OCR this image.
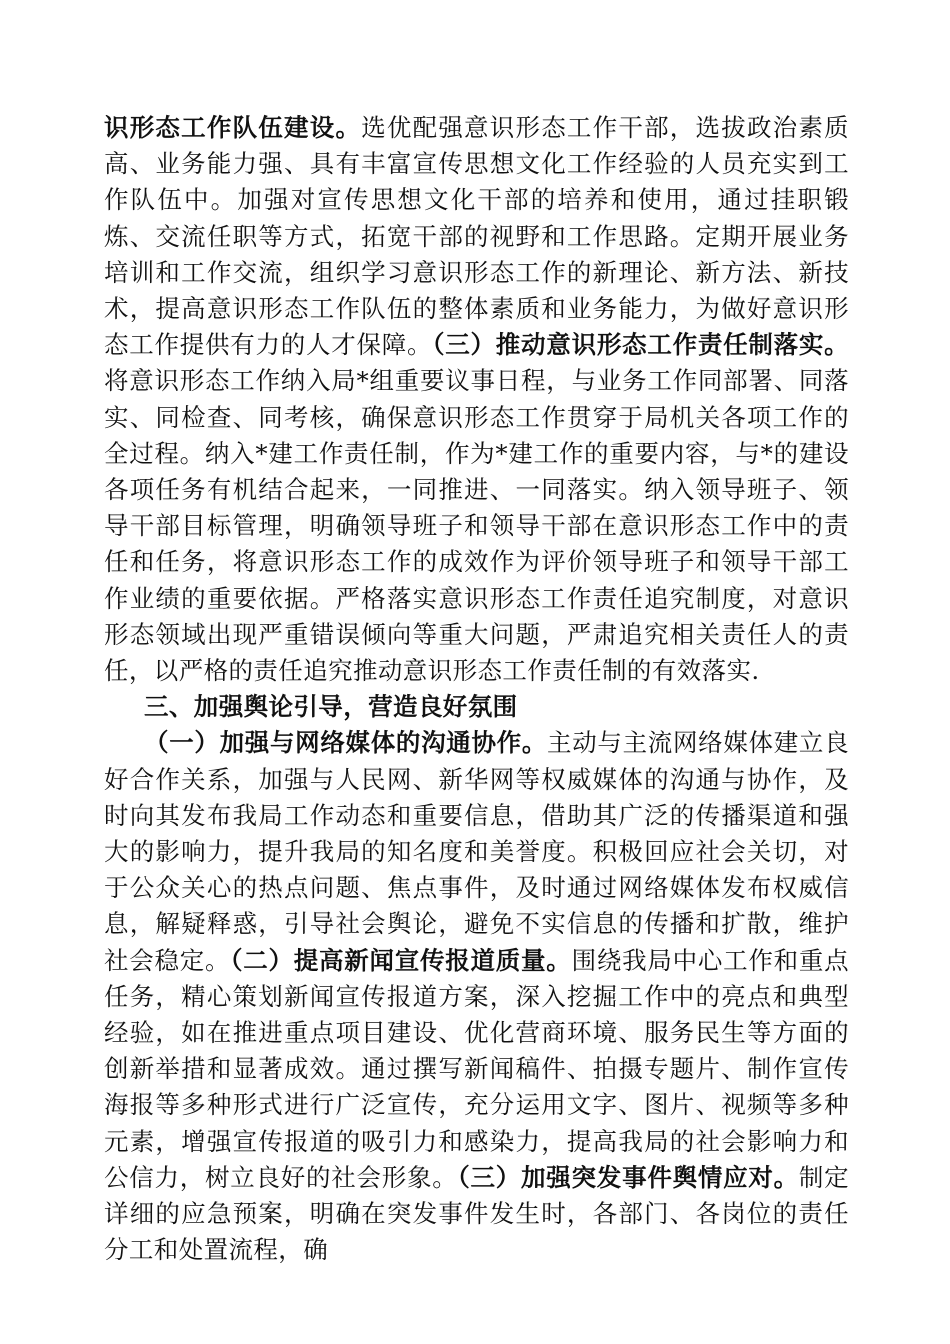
识形态工作队伍建设。选优配强意识形态工作干部，选拔政治素质高、业务能力强、具有丰富宣传思想文化工作经验的人员充实到工作队伍中。加强对宣传思想文化干部的培养和使用，通过挂职锻炼、交流任职等方式，拓宽干部的视野和工作思路。定期开展业务培训和工作交流，组织学习意识形态工作的新理论、新方法、新技术，提高意识形态工作队伍的整体素质和业务能力，为做好意识形态工作提供有力的人才保障。（三）推动意识形态工作责任制落实。将意识形态工作纳入局*组重要议事日程，与业务工作同部署、同落实、同检查、同考核，确保意识形态工作贯穿于局机关各项工作的全过程。纳入*建工作责任制，作为*建工作的重要内容，与*的建设各项任务有机结合起来，一同推进、一同落实。纳入领导班子、领导干部目标管理，明确领导班子和领导干部在意识形态工作中的责任和任务，将意识形态工作的成效作为评价领导班子和领导干部工作业绩的重要依据。严格落实意识形态工作责任追究制度，对意识形态领域出现严重错误倾向等重大问题，严肃追究相关责任人的责任，以严格的责任追究推动意识形态工作责任制的有效落实.

三、加强舆论引导，营造良好氛围

（一）加强与网络媒体的沟通协作。主动与主流网络媒体建立良好合作关系，加强与人民网、新华网等权威媒体的沟通与协作，及时向其发布我局工作动态和重要信息，借助其广泛的传播渠道和强大的影响力，提升我局的知名度和美誉度。积极回应社会关切，对于公众关心的热点问题、焦点事件，及时通过网络媒体发布权威信息，解疑释惑，引导社会舆论，避免不实信息的传播和扩散，维护社会稳定。（二）提高新闻宣传报道质量。围绕我局中心工作和重点任务，精心策划新闻宣传报道方案，深入挖掘工作中的亮点和典型经验，如在推进重点项目建设、优化营商环境、服务民生等方面的创新举措和显著成效。通过撰写新闻稿件、拍摄专题片、制作宣传海报等多种形式进行广泛宣传，充分运用文字、图片、视频等多种元素，增强宣传报道的吸引力和感染力，提高我局的社会影响力和公信力，树立良好的社会形象。（三）加强突发事件舆情应对。制定详细的应急预案，明确在突发事件发生时，各部门、各岗位的责任分工和处置流程，确
